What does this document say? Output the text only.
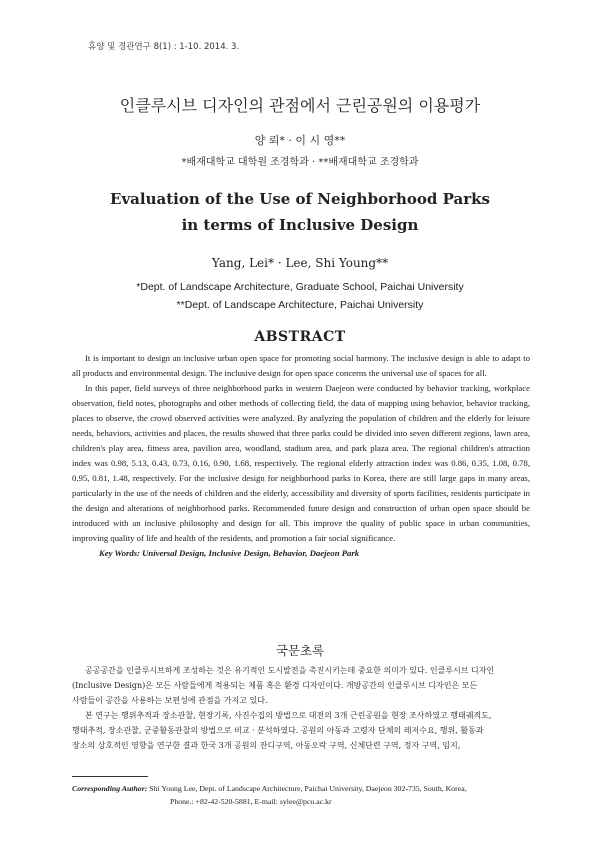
휴양 및 경관연구 8(1) : 1-10. 2014. 3.
인클루시브 디자인의 관점에서 근린공원의 이용평가
양 뢰* · 이 시 영**
*배재대학교 대학원 조경학과 · **배재대학교 조경학과
Evaluation of the Use of Neighborhood Parks
in terms of Inclusive Design
Yang, Lei* · Lee, Shi Young**
*Dept. of Landscape Architecture, Graduate School, Paichai University
**Dept. of Landscape Architecture, Paichai University
ABSTRACT

It is important to design an inclusive urban open space for promoting social harmony. The inclusive design is able to adapt to all products and environmental design. The inclusive design for open space concerns the universal use of spaces for all.

In this paper, field surveys of three neighborhood parks in western Daejeon were conducted by behavior tracking, workplace observation, field notes, photographs and other methods of collecting field, the data of mapping using behavior, behavior tracking, places to observe, the crowd observed activities were analyzed. By analyzing the population of children and the elderly for leisure needs, behaviors, activities and places, the results showed that three parks could be divided into seven different regions, lawn area, children's play area, fitness area, pavilion area, woodland, stadium area, and park plaza area. The regional children's attraction index was 0.98, 5.13, 0.43, 0.73, 0.16, 0.90, 1.68, respectively. The regional elderly attraction index was 0.86, 0.35, 1.08, 0.78, 0.95, 0.81, 1.48, respectively. For the inclusive design for neighborhood parks in Korea, there are still large gaps in many areas, particularly in the use of the needs of children and the elderly, accessibility and diversity of sports facilities, residents participate in the design and alterations of neighborhood parks. Recommended future design and construction of urban open space should be introduced with an inclusive philosophy and design for all. This improve the quality of public space in urban communities, improving quality of life and health of the residents, and promotion a fair social significance.

Key Words: Universal Design, Inclusive Design, Behavior, Daejeon Park

국문초록

공공공간을 인클루시브하게 조성하는 것은 유기적인 도시발전을 촉진시키는데 중요한 의미가 있다. 인클루시브 디자인

(Inclusive Design)은 모든 사람들에게 적용되는 제품 혹은 환경 디자인이다. 개방공간의 인클루시브 디자인은 모든

사람들이 공간을 사용하는 보편성에 관점을 가지고 있다.

본 연구는 행위추적과 장소관찰, 현장기록, 사진수집의 방법으로 대전의 3개 근린공원을 현장 조사하였고 행태궤적도,

행태추적, 장소관찰, 군중활동관찰의 방법으로 비교 · 분석하였다. 공원의 아동과 고령자 단체의 레저수요, 행위, 활동과

장소의 상호적인 영향을 연구한 결과 한국 3개 공원의 잔디구역, 아동오락 구역, 신체단련 구역, 정자 구역, 임지,

Corresponding Author: Shi Young Lee, Dept. of Landscape Architecture, Paichai University, Daejeon 302-735, South, Korea,
Phone.: +82-42-520-5881, E-mail: sylee@pcu.ac.kr
